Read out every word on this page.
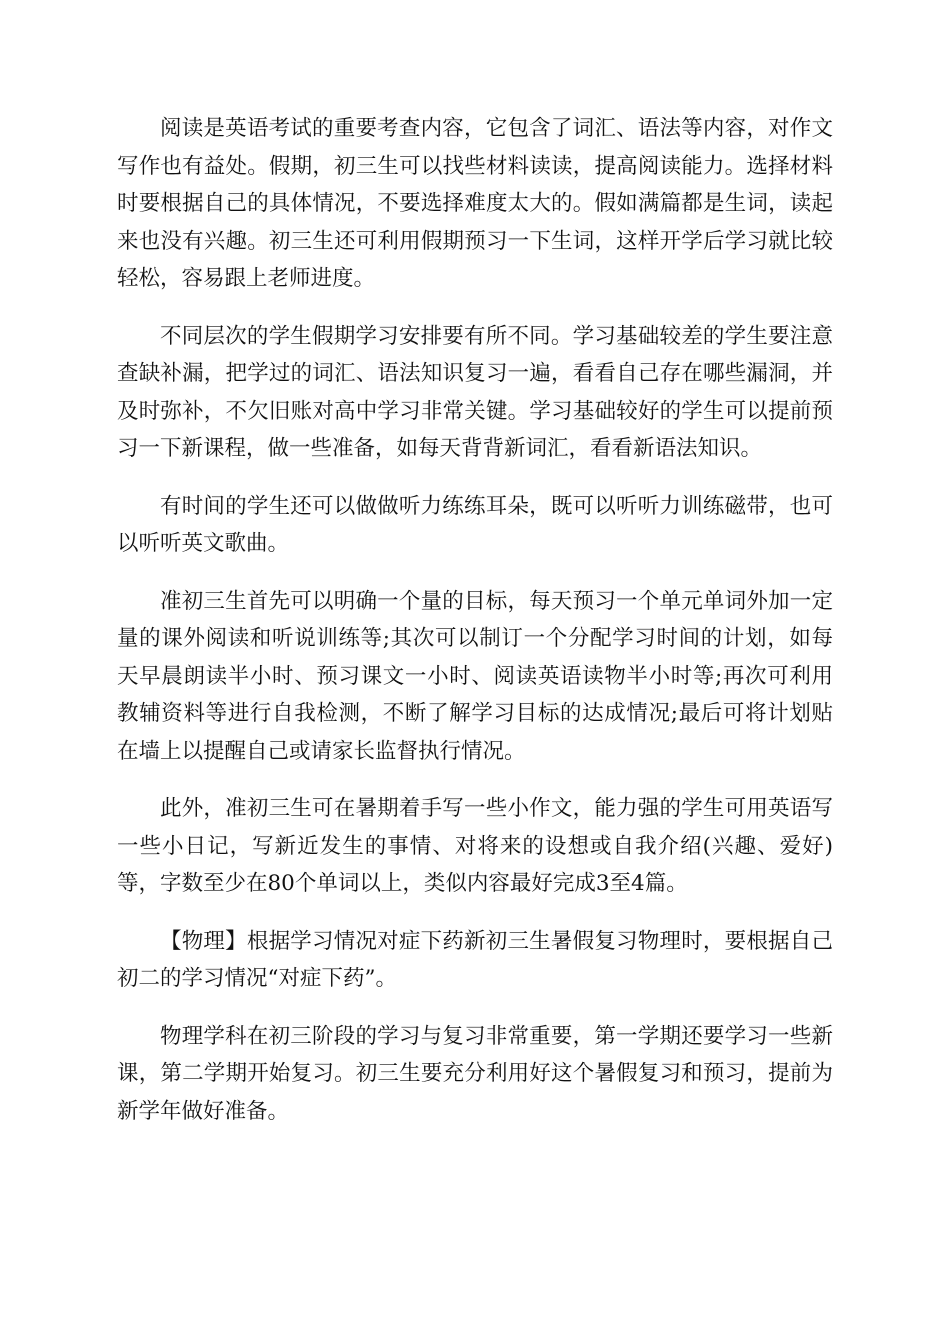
阅读是英语考试的重要考查内容，它包含了词汇、语法等内容，对作文写作也有益处。假期，初三生可以找些材料读读，提高阅读能力。选择材料时要根据自己的具体情况，不要选择难度太大的。假如满篇都是生词，读起来也没有兴趣。初三生还可利用假期预习一下生词，这样开学后学习就比较轻松，容易跟上老师进度。

不同层次的学生假期学习安排要有所不同。学习基础较差的学生要注意查缺补漏，把学过的词汇、语法知识复习一遍，看看自己存在哪些漏洞，并及时弥补，不欠旧账对高中学习非常关键。学习基础较好的学生可以提前预习一下新课程，做一些准备，如每天背背新词汇，看看新语法知识。

有时间的学生还可以做做听力练练耳朵，既可以听听力训练磁带，也可以听听英文歌曲。

准初三生首先可以明确一个量的目标，每天预习一个单元单词外加一定量的课外阅读和听说训练等;其次可以制订一个分配学习时间的计划，如每天早晨朗读半小时、预习课文一小时、阅读英语读物半小时等;再次可利用教辅资料等进行自我检测，不断了解学习目标的达成情况;最后可将计划贴在墙上以提醒自己或请家长监督执行情况。

此外，准初三生可在暑期着手写一些小作文，能力强的学生可用英语写一些小日记，写新近发生的事情、对将来的设想或自我介绍(兴趣、爱好)等，字数至少在80个单词以上，类似内容最好完成3至4篇。

【物理】根据学习情况对症下药新初三生暑假复习物理时，要根据自己初二的学习情况“对症下药”。

物理学科在初三阶段的学习与复习非常重要，第一学期还要学习一些新课，第二学期开始复习。初三生要充分利用好这个暑假复习和预习，提前为新学年做好准备。
